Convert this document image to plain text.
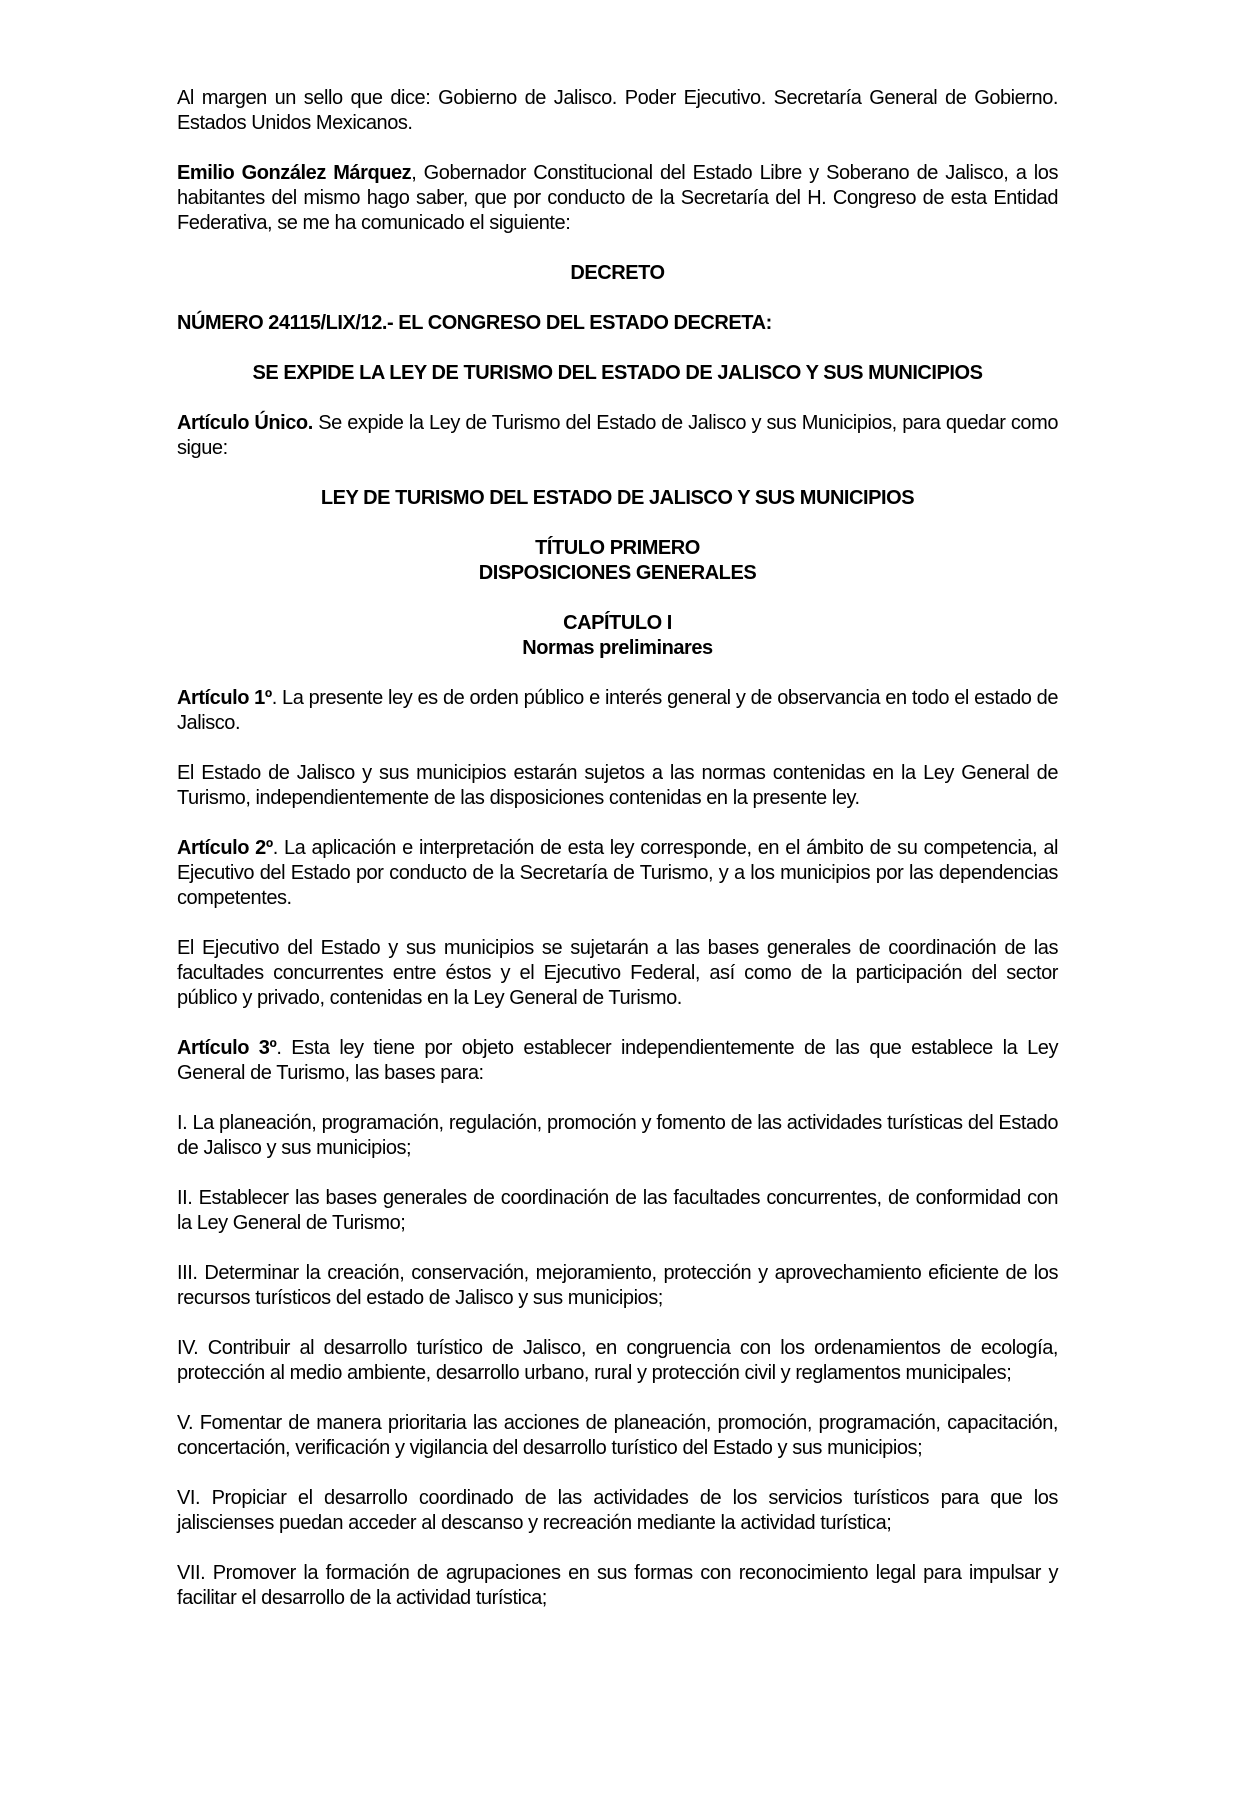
Al margen un sello que dice: Gobierno de Jalisco. Poder Ejecutivo. Secretaría General de Gobierno. Estados Unidos Mexicanos.

Emilio González Márquez, Gobernador Constitucional del Estado Libre y Soberano de Jalisco, a los habitantes del mismo hago saber, que por conducto de la Secretaría del H. Congreso de esta Entidad Federativa, se me ha comunicado el siguiente:

DECRETO
NÚMERO 24115/LIX/12.- EL CONGRESO DEL ESTADO DECRETA:
SE EXPIDE LA LEY DE TURISMO DEL ESTADO DE JALISCO Y SUS MUNICIPIOS

Artículo Único. Se expide la Ley de Turismo del Estado de Jalisco y sus Municipios, para quedar como sigue:

LEY DE TURISMO DEL ESTADO DE JALISCO Y SUS MUNICIPIOS
TÍTULO PRIMERO
DISPOSICIONES GENERALES
CAPÍTULO I
Normas preliminares

Artículo 1º. La presente ley es de orden público e interés general y de observancia en todo el estado de Jalisco.

El Estado de Jalisco y sus municipios estarán sujetos a las normas contenidas en la Ley General de Turismo, independientemente de las disposiciones contenidas en la presente ley.

Artículo 2º. La aplicación e interpretación de esta ley corresponde, en el ámbito de su competencia, al Ejecutivo del Estado por conducto de la Secretaría de Turismo, y a los municipios por las dependencias competentes.

El Ejecutivo del Estado y sus municipios se sujetarán a las bases generales de coordinación de las facultades concurrentes entre éstos y el Ejecutivo Federal, así como de la participación del sector público y privado, contenidas en la Ley General de Turismo.

Artículo 3º. Esta ley tiene por objeto establecer independientemente de las que establece la Ley General de Turismo, las bases para:

I. La planeación, programación, regulación, promoción y fomento de las actividades turísticas del Estado de Jalisco y sus municipios;

II. Establecer las bases generales de coordinación de las facultades concurrentes, de conformidad con la Ley General de Turismo;

III. Determinar la creación, conservación, mejoramiento, protección y aprovechamiento eficiente de los recursos turísticos del estado de Jalisco y sus municipios;

IV. Contribuir al desarrollo turístico de Jalisco, en congruencia con los ordenamientos de ecología, protección al medio ambiente, desarrollo urbano, rural y protección civil y reglamentos municipales;

V. Fomentar de manera prioritaria las acciones de planeación, promoción, programación, capacitación, concertación, verificación y vigilancia del desarrollo turístico del Estado y sus municipios;

VI. Propiciar el desarrollo coordinado de las actividades de los servicios turísticos para que los jaliscienses puedan acceder al descanso y recreación mediante la actividad turística;

VII. Promover la formación de agrupaciones en sus formas con reconocimiento legal para impulsar y facilitar el desarrollo de la actividad turística;
